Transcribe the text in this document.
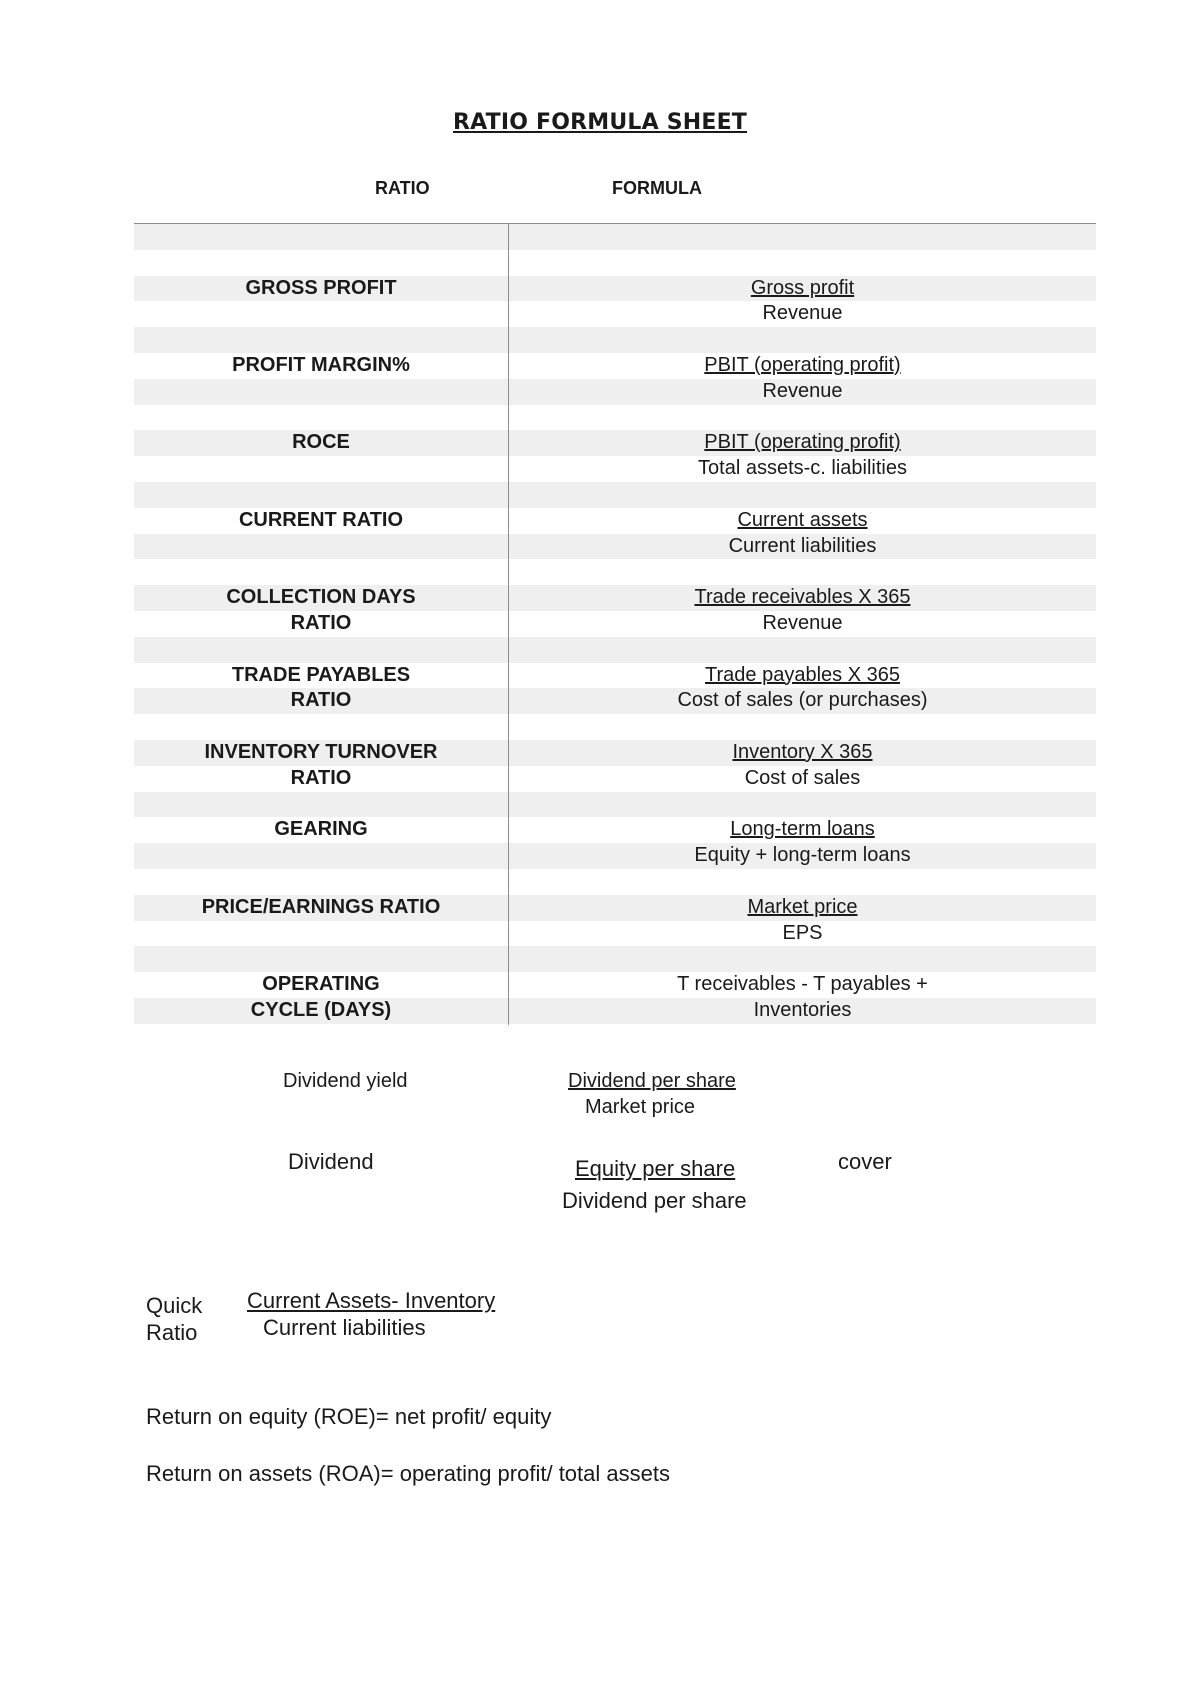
RATIO FORMULA SHEET
RATIO	FORMULA
GROSS PROFIT	Gross profit
Revenue
PROFIT MARGIN%	PBIT (operating profit)
Revenue
ROCE	PBIT (operating profit)
Total assets-c. liabilities
CURRENT RATIO	Current assets
Current liabilities
COLLECTION DAYS	Trade receivables X 365
RATIO	Revenue
TRADE PAYABLES	Trade payables X 365
RATIO	Cost of sales (or purchases)
INVENTORY TURNOVER	Inventory X 365
RATIO	Cost of sales
GEARING	Long-term loans
Equity + long-term loans
PRICE/EARNINGS RATIO	Market price
EPS
OPERATING	T receivables - T payables +
CYCLE (DAYS)	Inventories
Dividend yield	Dividend per share
Market price
Dividend	Equity per share	cover
Dividend per share
Quick
Ratio
Current Assets- Inventory
Current liabilities
Return on equity (ROE)= net profit/ equity
Return on assets (ROA)= operating profit/ total assets
